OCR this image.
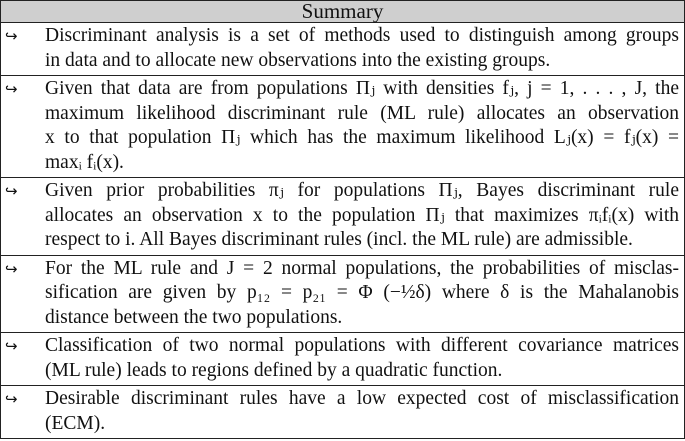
Summary
↪	Discriminant analysis is a set of methods used to distinguish among groups
in data and to allocate new observations into the existing groups.
↪	Given that data are from populations Πⱼ with densities fⱼ, j = 1, . . . , J, the
maximum likelihood discriminant rule (ML rule) allocates an observation
x to that population Πⱼ which has the maximum likelihood Lⱼ(x) = fⱼ(x) =
maxᵢ fᵢ(x).
↪	Given prior probabilities πⱼ for populations Πⱼ, Bayes discriminant rule
allocates an observation x to the population Πⱼ that maximizes πᵢfᵢ(x) with
respect to i. All Bayes discriminant rules (incl. the ML rule) are admissible.
↪	For the ML rule and J = 2 normal populations, the probabilities of misclas-
sification are given by p₁₂ = p₂₁ = Φ (−½δ) where δ is the Mahalanobis
distance between the two populations.
↪	Classification of two normal populations with different covariance matrices
(ML rule) leads to regions defined by a quadratic function.
↪	Desirable discriminant rules have a low expected cost of misclassification
(ECM).
